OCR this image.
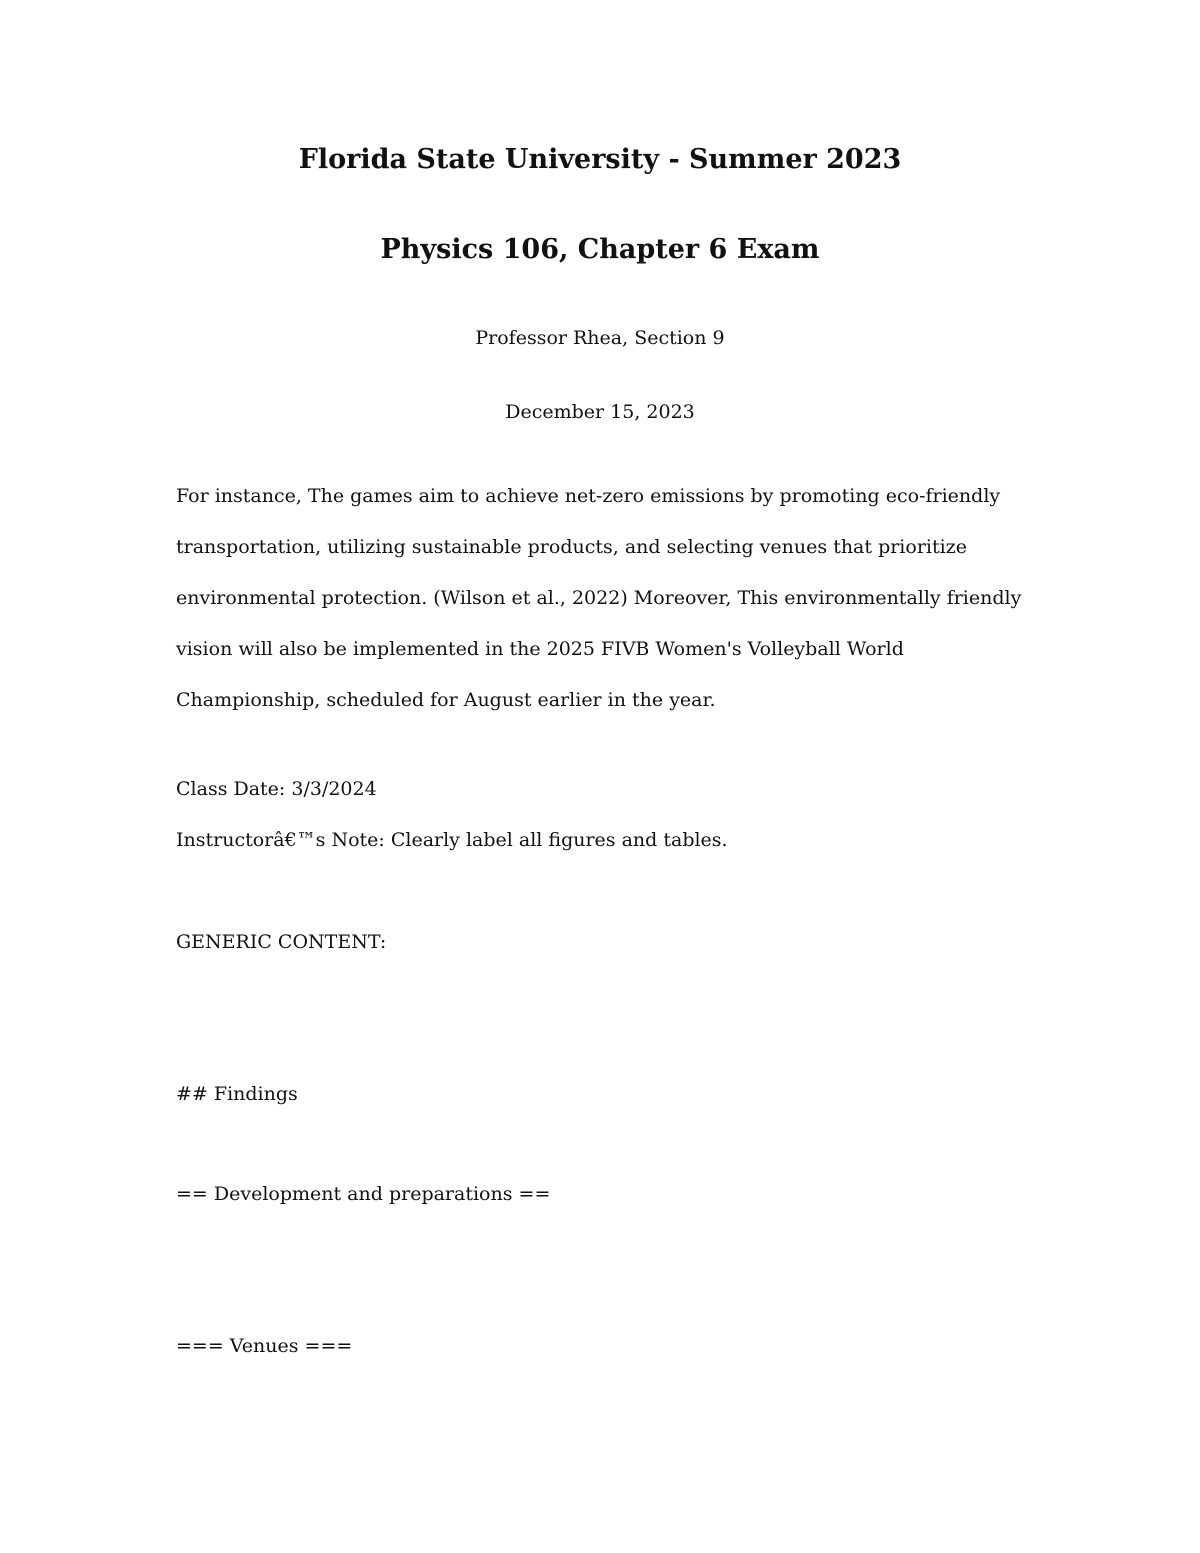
Florida State University - Summer 2023
Physics 106, Chapter 6 Exam
Professor Rhea, Section 9
December 15, 2023

For instance, The games aim to achieve net-zero emissions by promoting eco-friendly transportation, utilizing sustainable products, and selecting venues that prioritize environmental protection. (Wilson et al., 2022) Moreover, This environmentally friendly vision will also be implemented in the 2025 FIVB Women's Volleyball World Championship, scheduled for August earlier in the year.

Class Date: 3/3/2024
Instructorâ€™s Note: Clearly label all figures and tables.
GENERIC CONTENT:
## Findings
== Development and preparations ==
=== Venues ===
